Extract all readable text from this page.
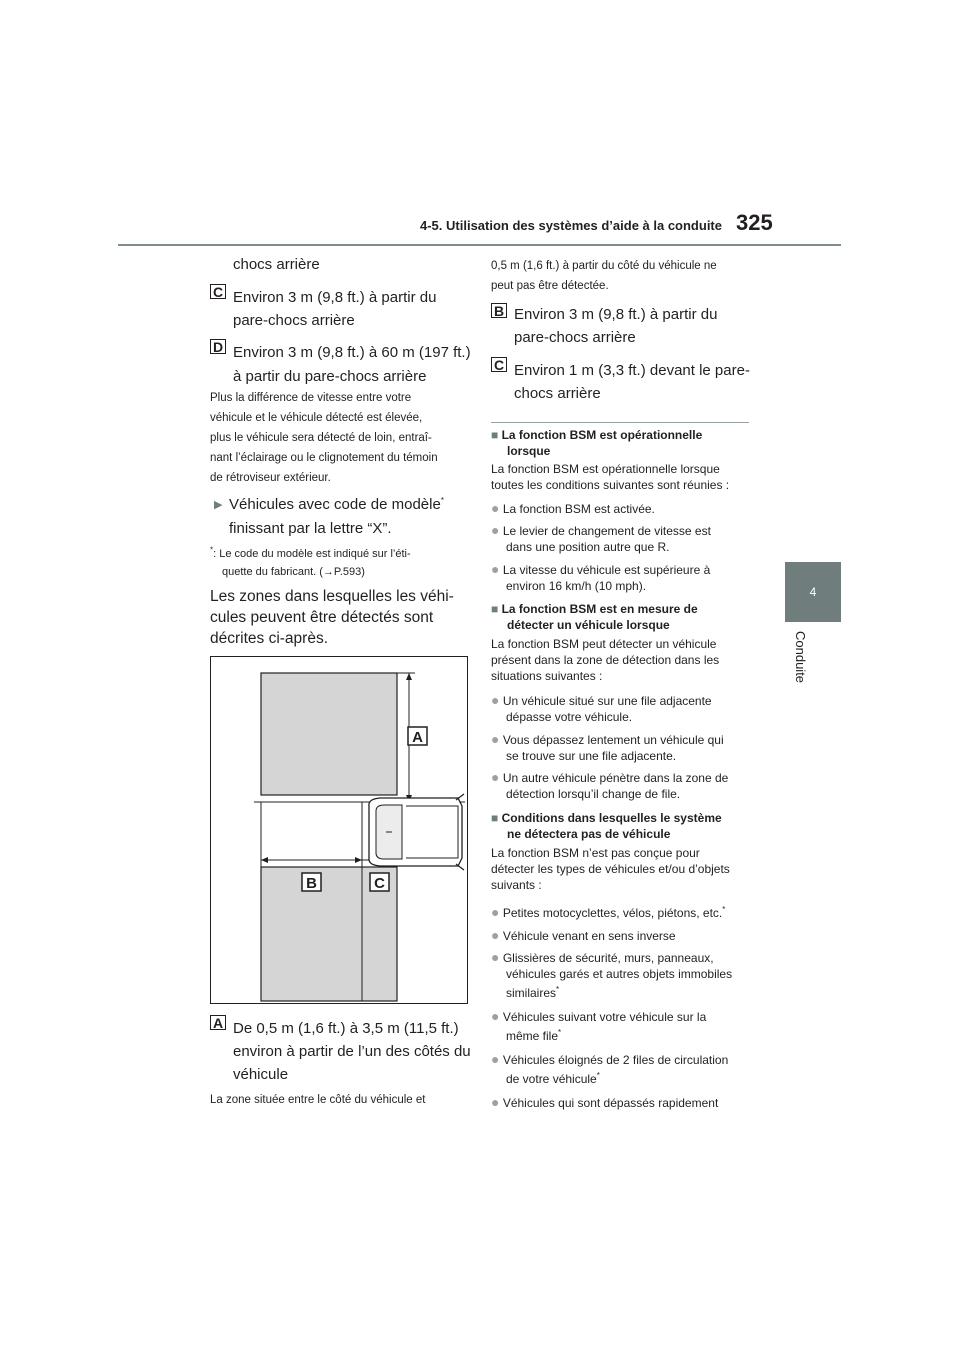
4-5. Utilisation des systèmes d’aide à la conduite 325
4
Conduite
chocs arrière
C Environ 3 m (9,8 ft.) à partir du
pare-chocs arrière
D Environ 3 m (9,8 ft.) à 60 m (197 ft.)
à partir du pare-chocs arrière
Plus la différence de vitesse entre votre
véhicule et le véhicule détecté est élevée,
plus le véhicule sera détecté de loin, entraî-
nant l’éclairage ou le clignotement du témoin
de rétroviseur extérieur.
▶ Véhicules avec code de modèle*
finissant par la lettre “X”.
*: Le code du modèle est indiqué sur l’éti-
quette du fabricant. (→P.593)
Les zones dans lesquelles les véhi-
cules peuvent être détectés sont
décrites ci-après.
A
B	C
A De 0,5 m (1,6 ft.) à 3,5 m (11,5 ft.)
environ à partir de l’un des côtés du
véhicule
La zone située entre le côté du véhicule et
0,5 m (1,6 ft.) à partir du côté du véhicule ne
peut pas être détectée.
B Environ 3 m (9,8 ft.) à partir du
pare-chocs arrière
C Environ 1 m (3,3 ft.) devant le pare-
chocs arrière
■ La fonction BSM est opérationnelle
lorsque
La fonction BSM est opérationnelle lorsque
toutes les conditions suivantes sont réunies :
● La fonction BSM est activée.
● Le levier de changement de vitesse est
dans une position autre que R.
● La vitesse du véhicule est supérieure à
environ 16 km/h (10 mph).
■ La fonction BSM est en mesure de
détecter un véhicule lorsque
La fonction BSM peut détecter un véhicule
présent dans la zone de détection dans les
situations suivantes :
● Un véhicule situé sur une file adjacente
dépasse votre véhicule.
● Vous dépassez lentement un véhicule qui
se trouve sur une file adjacente.
● Un autre véhicule pénètre dans la zone de
détection lorsqu’il change de file.
■ Conditions dans lesquelles le système
ne détectera pas de véhicule
La fonction BSM n’est pas conçue pour
détecter les types de véhicules et/ou d’objets
suivants :
● Petites motocyclettes, vélos, piétons, etc.*
● Véhicule venant en sens inverse
● Glissières de sécurité, murs, panneaux,
véhicules garés et autres objets immobiles
similaires*
● Véhicules suivant votre véhicule sur la
même file*
● Véhicules éloignés de 2 files de circulation
de votre véhicule*
● Véhicules qui sont dépassés rapidement
